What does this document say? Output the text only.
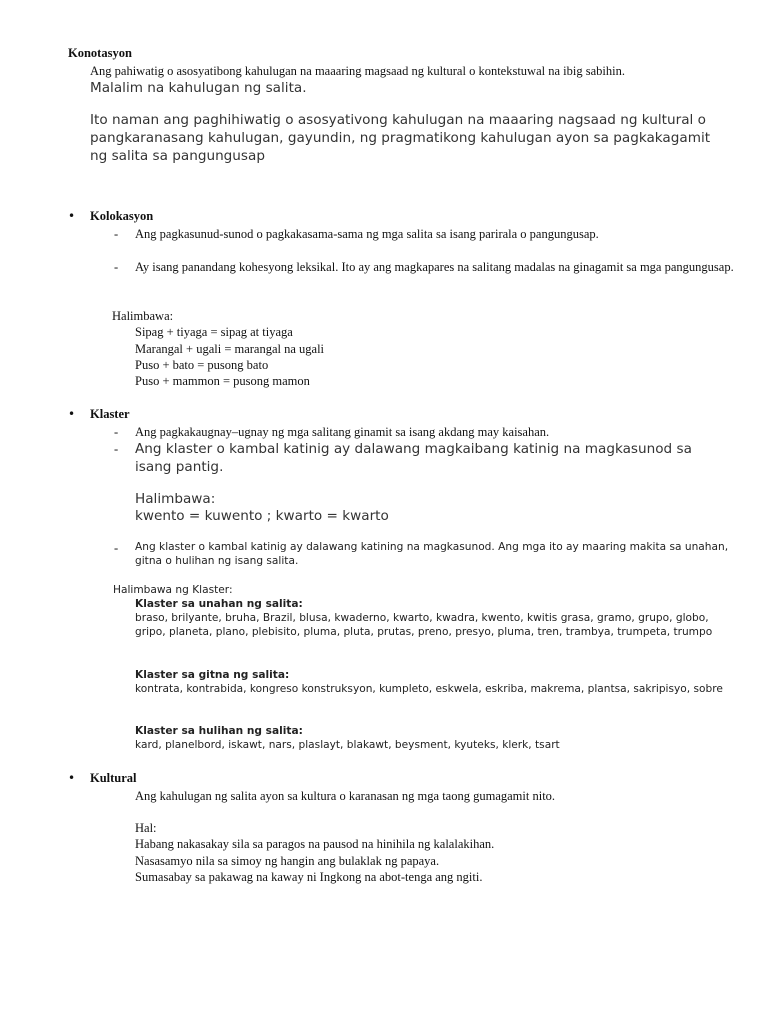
Konotasyon
Ang pahiwatig o asosyatibong kahulugan na maaaring magsaad ng kultural o kontekstuwal na ibig sabihin.
Malalim na kahulugan ng salita.
Ito naman ang paghihiwatig o asosyativong kahulugan na maaaring nagsaad ng kultural o pangkaranasang kahulugan, gayundin, ng pragmatikong kahulugan ayon sa pagkakagamit ng salita sa pangungusap
• Kolokasyon
- Ang pagkasunud-sunod o pagkakasama-sama ng mga salita sa isang parirala o pangungusap.
- Ay isang panandang kohesyong leksikal. Ito ay ang magkapares na salitang madalas na ginagamit sa mga pangungusap.
Halimbawa:
Sipag + tiyaga = sipag at tiyaga
Marangal + ugali = marangal na ugali
Puso + bato = pusong bato
Puso + mammon = pusong mamon
• Klaster
- Ang pagkakaugnay–ugnay ng mga salitang ginamit sa isang akdang may kaisahan.
- Ang klaster o kambal katinig ay dalawang magkaibang katinig na magkasunod sa isang pantig.
Halimbawa:
kwento = kuwento ; kwarto = kwarto
- Ang klaster o kambal katinig ay dalawang katining na magkasunod. Ang mga ito ay maaring makita sa unahan, gitna o hulihan ng isang salita.
Halimbawa ng Klaster:
Klaster sa unahan ng salita:
braso, brilyante, bruha, Brazil, blusa, kwaderno, kwarto, kwadra, kwento, kwitis grasa, gramo, grupo, globo, gripo, planeta, plano, plebisito, pluma, pluta, prutas, preno, presyo, pluma, tren, trambya, trumpeta, trumpo
Klaster sa gitna ng salita:
kontrata, kontrabida, kongreso konstruksyon, kumpleto, eskwela, eskriba, makrema, plantsa, sakripisyo, sobre
Klaster sa hulihan ng salita:
kard, planelbord, iskawt, nars, plaslayt, blakawt, beysment, kyuteks, klerk, tsart
• Kultural
Ang kahulugan ng salita ayon sa kultura o karanasan ng mga taong gumagamit nito.
Hal:
Habang nakasakay sila sa paragos na pausod na hinihila ng kalalakihan.
Nasasamyo nila sa simoy ng hangin ang bulaklak ng papaya.
Sumasabay sa pakawag na kaway ni Ingkong na abot-tenga ang ngiti.
